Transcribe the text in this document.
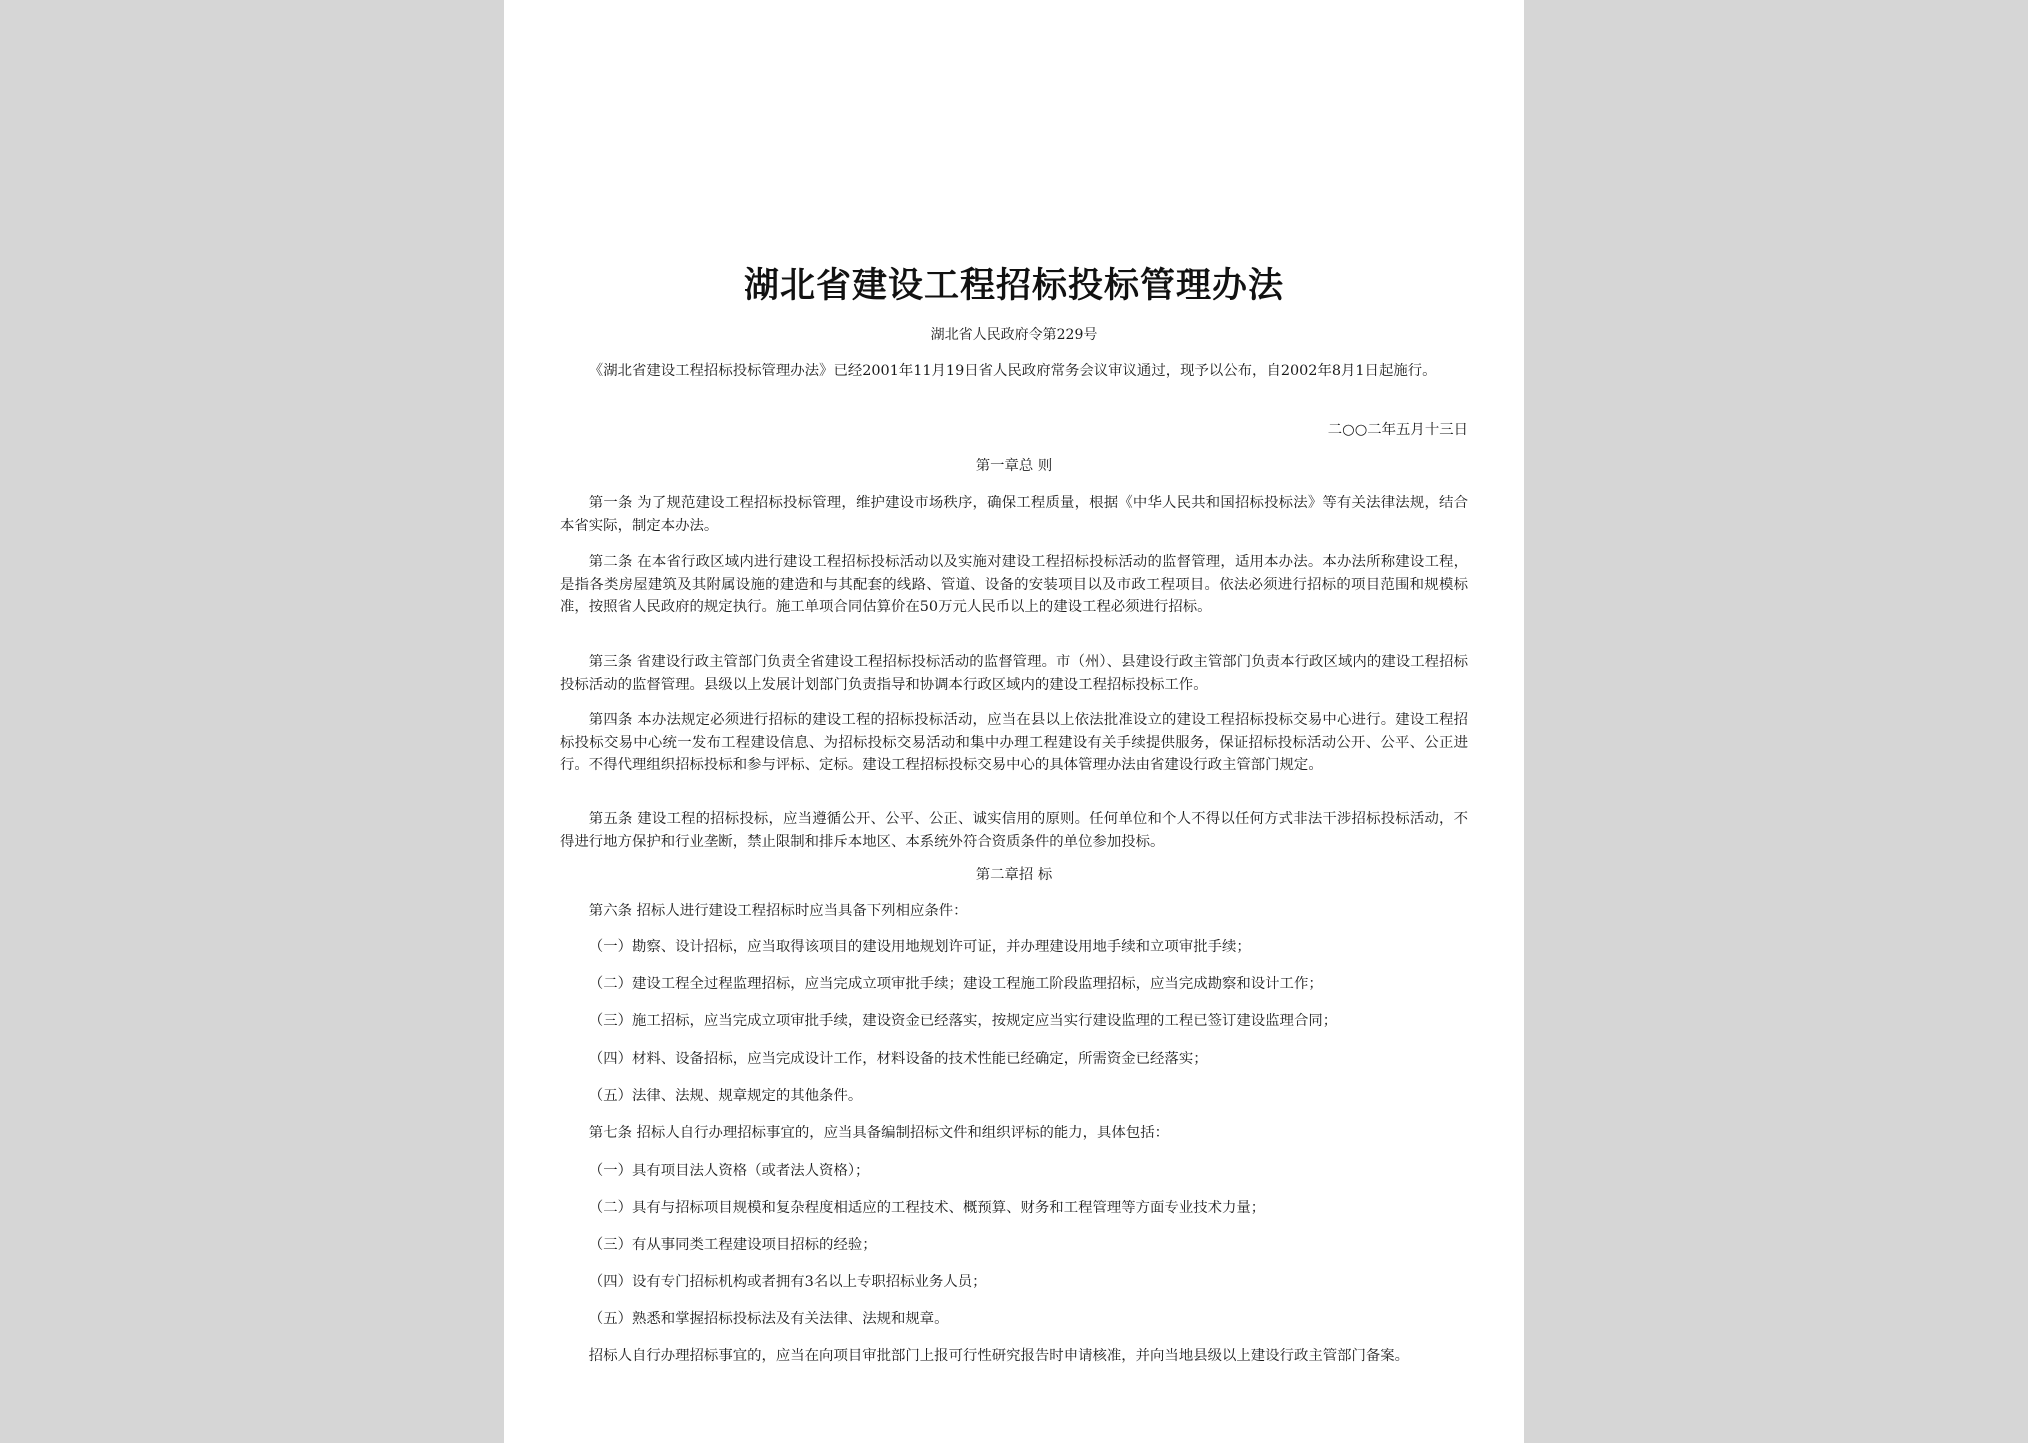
湖北省建设工程招标投标管理办法
湖北省人民政府令第229号
《湖北省建设工程招标投标管理办法》已经2001年11月19日省人民政府常务会议审议通过，现予以公布，自2002年8月1日起施行。
二○○二年五月十三日
第一章总 则
第一条 为了规范建设工程招标投标管理，维护建设市场秩序，确保工程质量，根据《中华人民共和国招标投标法》等有关法律法规，结合本省实际，制定本办法。
第二条 在本省行政区域内进行建设工程招标投标活动以及实施对建设工程招标投标活动的监督管理，适用本办法。本办法所称建设工程，是指各类房屋建筑及其附属设施的建造和与其配套的线路、管道、设备的安装项目以及市政工程项目。依法必须进行招标的项目范围和规模标准，按照省人民政府的规定执行。施工单项合同估算价在50万元人民币以上的建设工程必须进行招标。
第三条 省建设行政主管部门负责全省建设工程招标投标活动的监督管理。市（州）、县建设行政主管部门负责本行政区域内的建设工程招标投标活动的监督管理。县级以上发展计划部门负责指导和协调本行政区域内的建设工程招标投标工作。
第四条 本办法规定必须进行招标的建设工程的招标投标活动，应当在县以上依法批准设立的建设工程招标投标交易中心进行。建设工程招标投标交易中心统一发布工程建设信息、为招标投标交易活动和集中办理工程建设有关手续提供服务，保证招标投标活动公开、公平、公正进行。不得代理组织招标投标和参与评标、定标。建设工程招标投标交易中心的具体管理办法由省建设行政主管部门规定。
第五条 建设工程的招标投标，应当遵循公开、公平、公正、诚实信用的原则。任何单位和个人不得以任何方式非法干涉招标投标活动，不得进行地方保护和行业垄断，禁止限制和排斥本地区、本系统外符合资质条件的单位参加投标。
第二章招 标
第六条 招标人进行建设工程招标时应当具备下列相应条件：
（一）勘察、设计招标，应当取得该项目的建设用地规划许可证，并办理建设用地手续和立项审批手续；
（二）建设工程全过程监理招标，应当完成立项审批手续；建设工程施工阶段监理招标，应当完成勘察和设计工作；
（三）施工招标，应当完成立项审批手续，建设资金已经落实，按规定应当实行建设监理的工程已签订建设监理合同；
（四）材料、设备招标，应当完成设计工作，材料设备的技术性能已经确定，所需资金已经落实；
（五）法律、法规、规章规定的其他条件。
第七条 招标人自行办理招标事宜的，应当具备编制招标文件和组织评标的能力，具体包括：
（一）具有项目法人资格（或者法人资格）；
（二）具有与招标项目规模和复杂程度相适应的工程技术、概预算、财务和工程管理等方面专业技术力量；
（三）有从事同类工程建设项目招标的经验；
（四）设有专门招标机构或者拥有3名以上专职招标业务人员；
（五）熟悉和掌握招标投标法及有关法律、法规和规章。
招标人自行办理招标事宜的，应当在向项目审批部门上报可行性研究报告时申请核准，并向当地县级以上建设行政主管部门备案。
